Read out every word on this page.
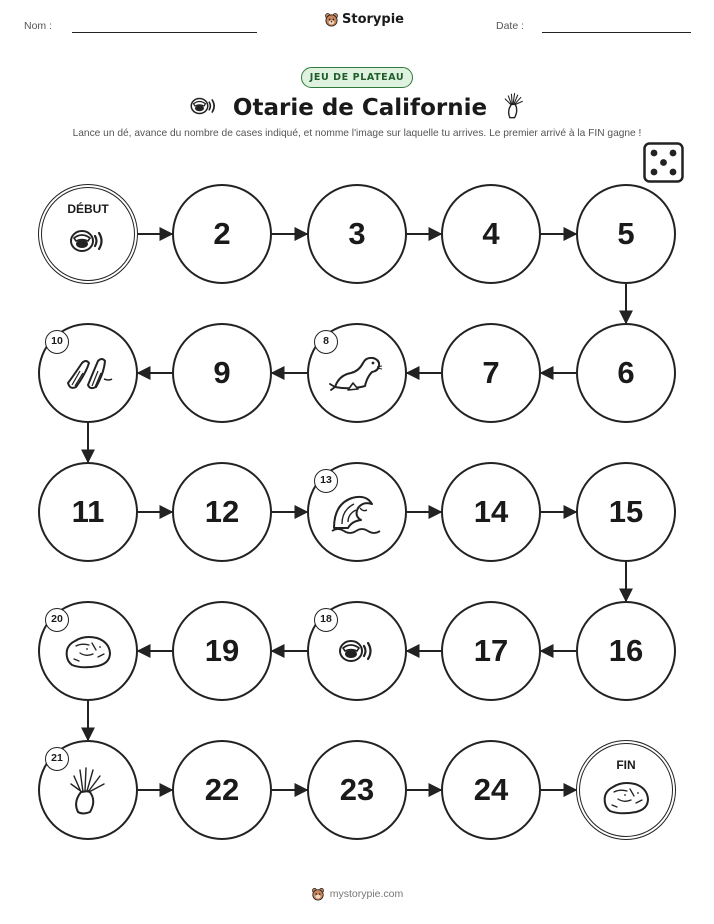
Nom :	Storypie	Date :
JEU DE PLATEAU
Otarie de Californie
Lance un dé, avance du nombre de cases indiqué, et nomme l'image sur laquelle tu arrives. Le premier arrivé à la FIN gagne !
DÉBUT
2	3	4	5
6
7
8
9
10
11	12
13
14	15
16
17
18
19
20
21
22	23	24
FIN
mystorypie.com
